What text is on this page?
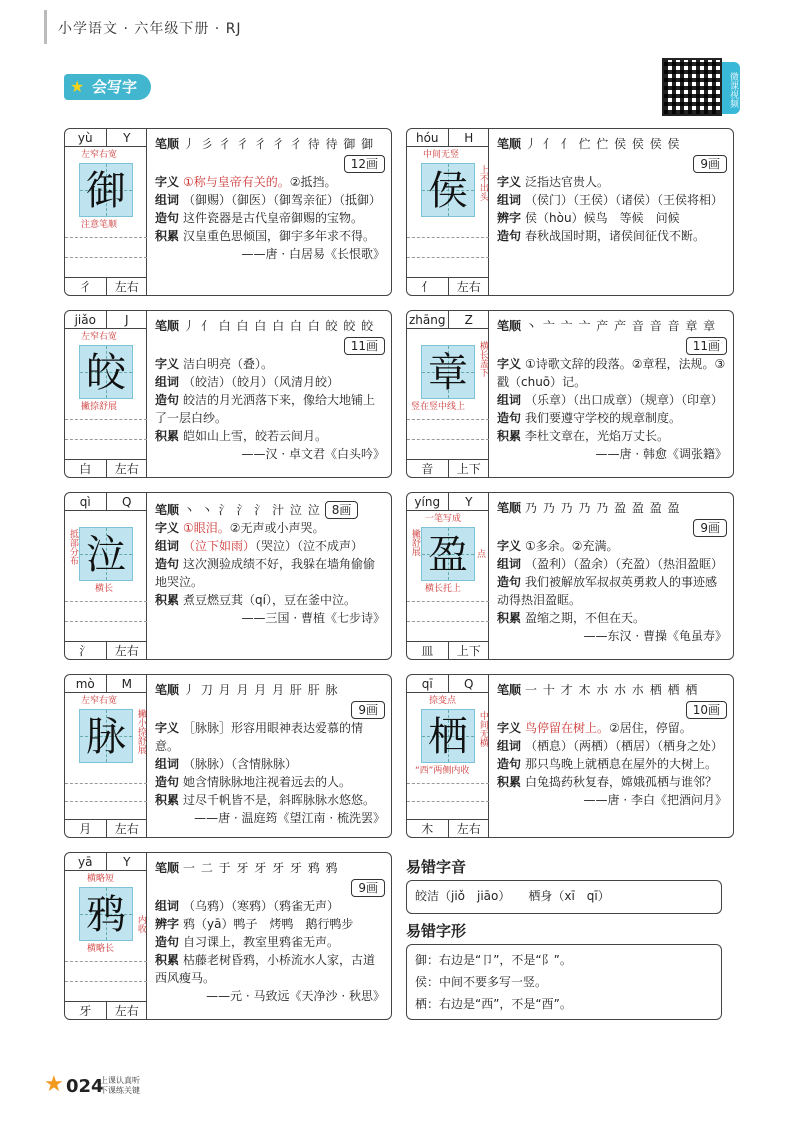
小学语文 · 六年级下册 · RJ
微课视频
★ 会写字
yù	Y
左窄右宽
御
注意笔顺
彳	左右
笔顺 丿 彡 彳 彳 彳 彳 彳 待 待 御 御
12画
字义 ①称与皇帝有关的。②抵挡。
组词 （御赐）（御医）（御驾亲征）（抵御）
造句 这件瓷器是古代皇帝御赐的宝物。
积累 汉皇重色思倾国，御宇多年求不得。
——唐 · 白居易《长恨歌》
hóu	H
中间无竖
侯	上不出头
亻	左右
笔顺 丿 亻 亻 伫 伫 侯 侯 侯 侯
9画
字义 泛指达官贵人。
组词 （侯门）（王侯）（诸侯）（王侯将相）
辨字 侯（hòu）候鸟　等候　问候
造句 春秋战国时期，诸侯间征伐不断。
jiǎo	J
左窄右宽
皎
撇捺舒展
白	左右
笔顺 丿 亻 白 白 白 白 白 白 皎 皎 皎
11画
字义 洁白明亮（叠）。
组词 （皎洁）（皎月）（风清月皎）
造句 皎洁的月光洒落下来，像给大地铺上了一层白纱。
积累 皑如山上雪，皎若云间月。
——汉 · 卓文君《白头吟》
zhāng	Z
章	横长盖下
竖在竖中线上
音	上下
笔顺 丶 亠 亠 亠 产 产 音 音 音 章 章
11画
字义 ①诗歌文辞的段落。②章程，法规。③戳（chuō）记。
组词 （乐章）（出口成章）（规章）（印章）
造句 我们要遵守学校的规章制度。
积累 李杜文章在，光焰万丈长。
——唐 · 韩愈《调张籍》
qì	Q
抵部分布 泣
横长
氵	左右
笔顺 丶 丶 氵 氵 氵 汁 泣 泣 8画
字义 ①眼泪。②无声或小声哭。
组词 （泣下如雨）（哭泣）（泣不成声）
造句 这次测验成绩不好，我躲在墙角偷偷地哭泣。
积累 煮豆燃豆萁（qí），豆在釜中泣。
——三国 · 曹植《七步诗》
yíng	Y
一笔写成
撇舒展 盈	点
横长托上
皿	上下
笔顺 乃 乃 乃 乃 乃 盈 盈 盈 盈
9画
字义 ①多余。②充满。
组词 （盈利）（盈余）（充盈）（热泪盈眶）
造句 我们被解放军叔叔英勇救人的事迹感动得热泪盈眶。
积累 盈缩之期，不但在天。
——东汉 · 曹操《龟虽寿》
mò	M
左窄右宽
脉	撇小捺舒展
月	左右
笔顺 丿 刀 月 月 月 月 肝 肝 脉
9画
字义 ［脉脉］形容用眼神表达爱慕的情意。
组词 （脉脉）（含情脉脉）
造句 她含情脉脉地注视着远去的人。
积累 过尽千帆皆不是，斜晖脉脉水悠悠。
——唐 · 温庭筠《望江南 · 梳洗罢》
qī	Q
捺变点
栖	中间无横
“西”两侧内收
木	左右
笔顺 一 十 才 木 朩 朩 朩 栖 栖 栖
10画
字义 鸟停留在树上。②居住，停留。
组词 （栖息）（两栖）（栖居）（栖身之处）
造句 那只鸟晚上就栖息在屋外的大树上。
积累 白兔捣药秋复春，嫦娥孤栖与谁邻？
——唐 · 李白《把酒问月》
yā	Y
横略短
鸦	内收
横略长
牙	左右
笔顺 一 二 于 牙 牙 牙 牙 鸦 鸦
9画
组词 （乌鸦）（寒鸦）（鸦雀无声）
辨字 鸦（yā）鸭子　烤鸭　鹅行鸭步
造句 自习课上，教室里鸦雀无声。
积累 枯藤老树昏鸦，小桥流水人家，古道西风瘦马。
——元 · 马致远《天净沙 · 秋思》
易错字音
皎洁（jiǒ　jiāo）　　栖身（xī　qī）
易错字形
御：右边是“卩”，不是“阝”。
侯：中间不要多写一竖。
栖：右边是“西”，不是“酉”。
★ 024
上课认真听
下课练关键
